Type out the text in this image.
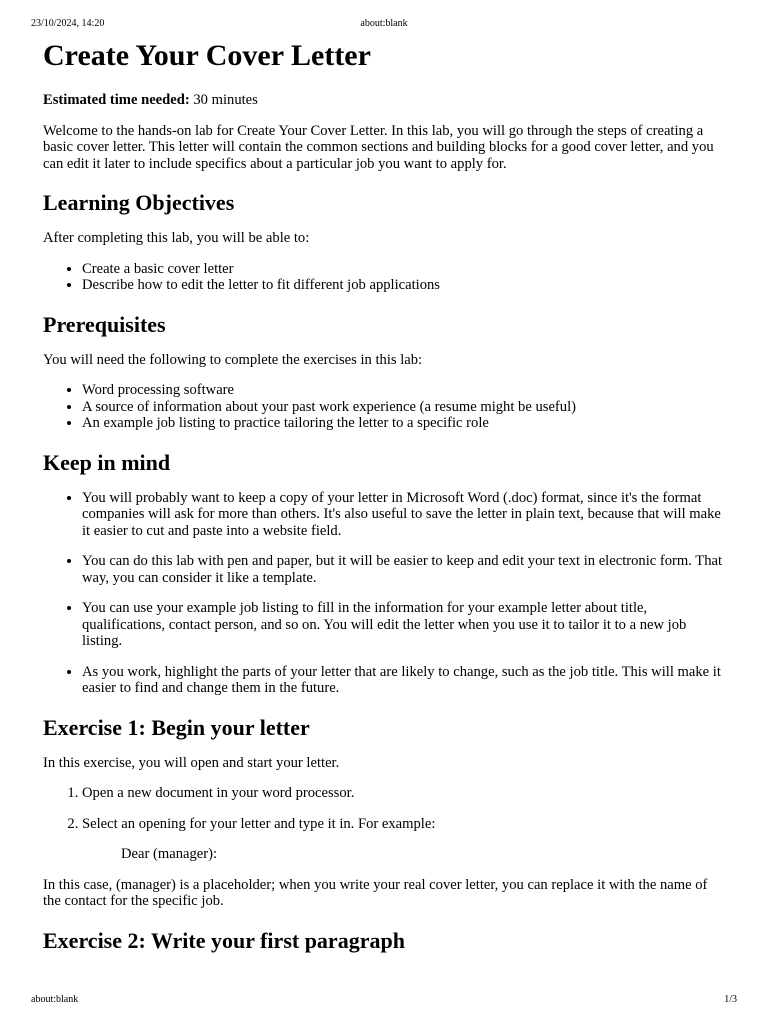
23/10/2024, 14:20	about:blank
Create Your Cover Letter

Estimated time needed: 30 minutes

Welcome to the hands-on lab for Create Your Cover Letter. In this lab, you will go through the steps of creating a basic cover letter. This letter will contain the common sections and building blocks for a good cover letter, and you can edit it later to include specifics about a particular job you want to apply for.

Learning Objectives

After completing this lab, you will be able to:

• Create a basic cover letter
• Describe how to edit the letter to fit different job applications
Prerequisites

You will need the following to complete the exercises in this lab:

• Word processing software
• A source of information about your past work experience (a resume might be useful)
• An example job listing to practice tailoring the letter to a specific role
Keep in mind
• You will probably want to keep a copy of your letter in Microsoft Word (.doc) format, since it's the format companies will ask for more than others. It's also useful to save the letter in plain text, because that will make it easier to cut and paste into a website field.
• You can do this lab with pen and paper, but it will be easier to keep and edit your text in electronic form. That way, you can consider it like a template.
• You can use your example job listing to fill in the information for your example letter about title, qualifications, contact person, and so on. You will edit the letter when you use it to tailor it to a new job listing.
• As you work, highlight the parts of your letter that are likely to change, such as the job title. This will make it easier to find and change them in the future.
Exercise 1: Begin your letter

In this exercise, you will open and start your letter.

1. Open a new document in your word processor.
2. Select an opening for your letter and type it in. For example:

Dear (manager):

In this case, (manager) is a placeholder; when you write your real cover letter, you can replace it with the name of the contact for the specific job.

Exercise 2: Write your first paragraph
about:blank	1/3
